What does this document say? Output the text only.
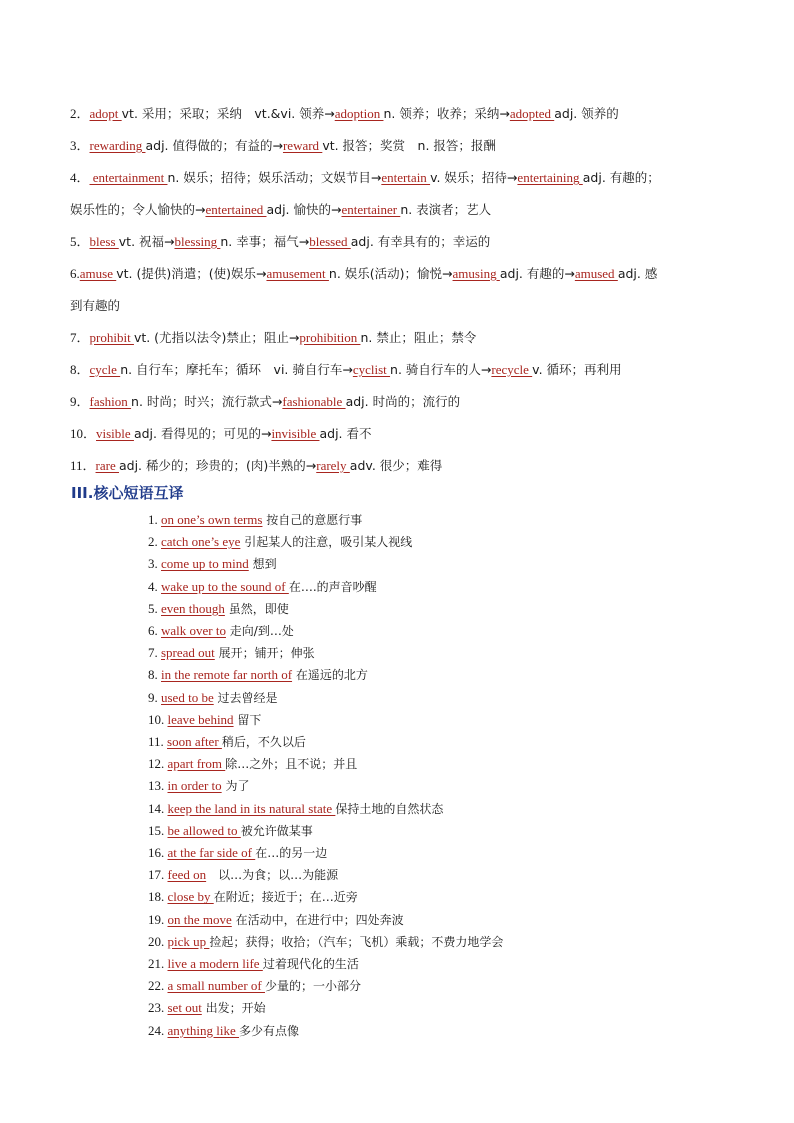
2．adopt vt. 采用；采取；采纳　vt.&vi. 领养→adoption n. 领养；收养；采纳→adopted adj. 领养的
3．rewarding adj. 值得做的；有益的→reward vt. 报答；奖赏　n. 报答；报酬
4． entertainment n. 娱乐；招待；娱乐活动；文娱节目→entertain v. 娱乐；招待→entertaining adj. 有趣的；
娱乐性的；令人愉快的→entertained adj. 愉快的→entertainer n. 表演者；艺人
5．bless vt. 祝福→blessing n. 幸事；福气→blessed adj. 有幸具有的；幸运的
6.amuse vt. (提供)消遣；(使)娱乐→amusement n. 娱乐(活动)；愉悦→amusing adj. 有趣的→amused adj. 感
到有趣的
7．prohibit vt. (尤指以法令)禁止；阻止→prohibition n. 禁止；阻止；禁令
8．cycle n. 自行车；摩托车；循环　vi. 骑自行车→cyclist n. 骑自行车的人→recycle v. 循环；再利用
9．fashion n. 时尚；时兴；流行款式→fashionable adj. 时尚的；流行的
10．visible adj. 看得见的；可见的→invisible adj. 看不
11．rare adj. 稀少的；珍贵的；(肉)半熟的→rarely adv. 很少；难得
III.核心短语互译
1. on one’s own terms 按自己的意愿行事
2. catch one’s eye 引起某人的注意，吸引某人视线
3. come up to mind 想到
4. wake up to the sound of 在….的声音吵醒
5. even though 虽然，即使
6. walk over to 走向/到…处
7. spread out 展开；铺开；伸张
8. in the remote far north of 在遥远的北方
9. used to be 过去曾经是
10. leave behind 留下
11. soon after 稍后，不久以后
12. apart from 除…之外；且不说；并且
13. in order to 为了
14. keep the land in its natural state 保持土地的自然状态
15. be allowed to 被允许做某事
16. at the far side of 在…的另一边
17. feed on　以…为食；以…为能源
18. close by 在附近；接近于；在…近旁
19. on the move 在活动中，在进行中；四处奔波
20. pick up 捡起；获得；收拾；（汽车；飞机）乘载；不费力地学会
21. live a modern life 过着现代化的生活
22. a small number of 少量的；一小部分
23. set out 出发；开始
24. anything like 多少有点像
